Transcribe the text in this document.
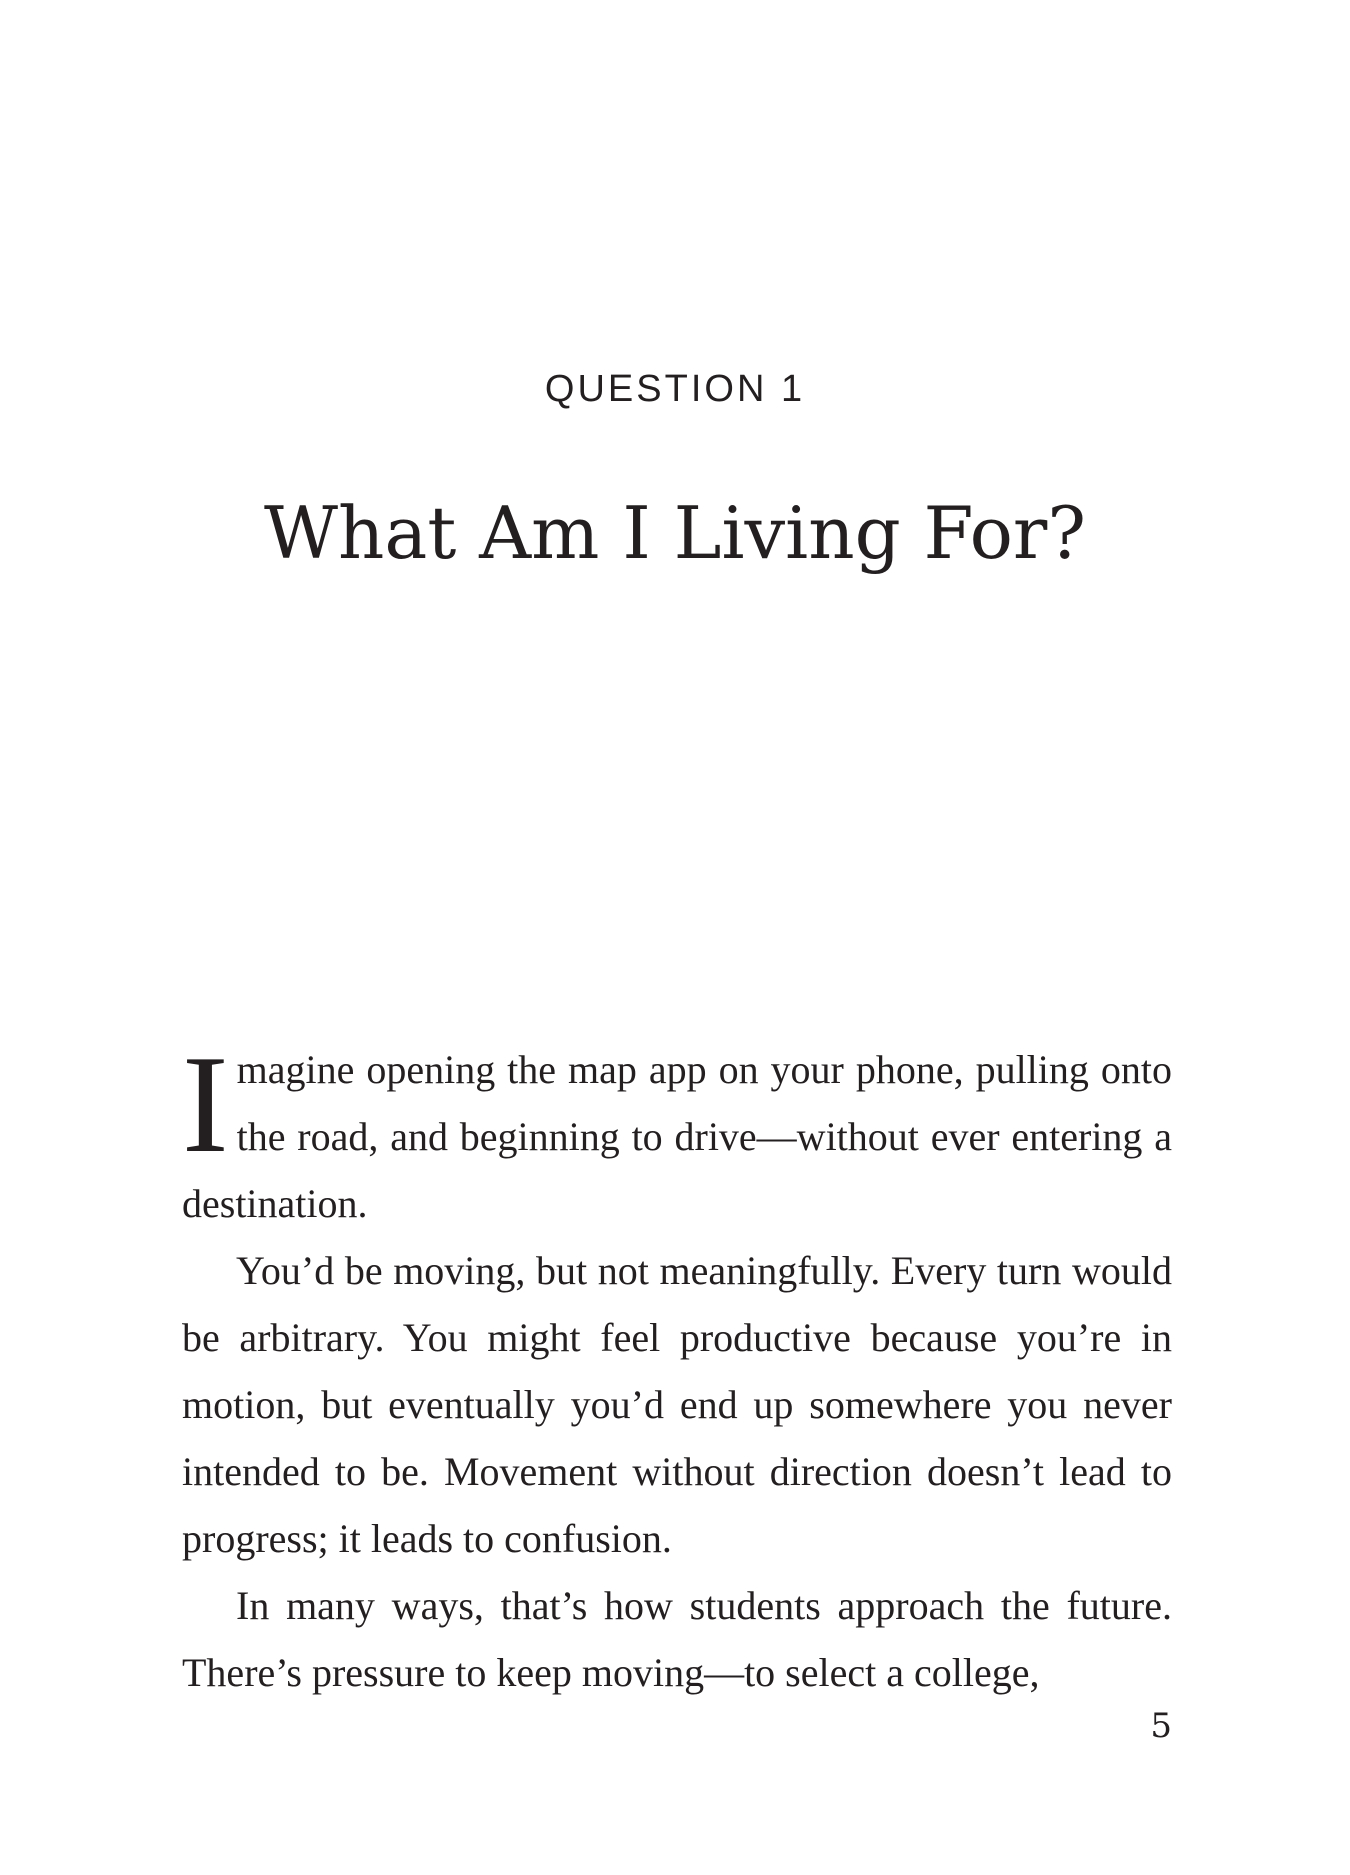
QUESTION 1
What Am I Living For?

Imagine opening the map app on your phone, pulling onto the road, and beginning to drive—without ever entering a destination.

You’d be moving, but not meaningfully. Every turn would be arbitrary. You might feel productive because you’re in motion, but eventually you’d end up somewhere you never intended to be. Movement without direction doesn’t lead to progress; it leads to confusion.

In many ways, that’s how students approach the future. There’s pressure to keep moving—to select a college,

5
